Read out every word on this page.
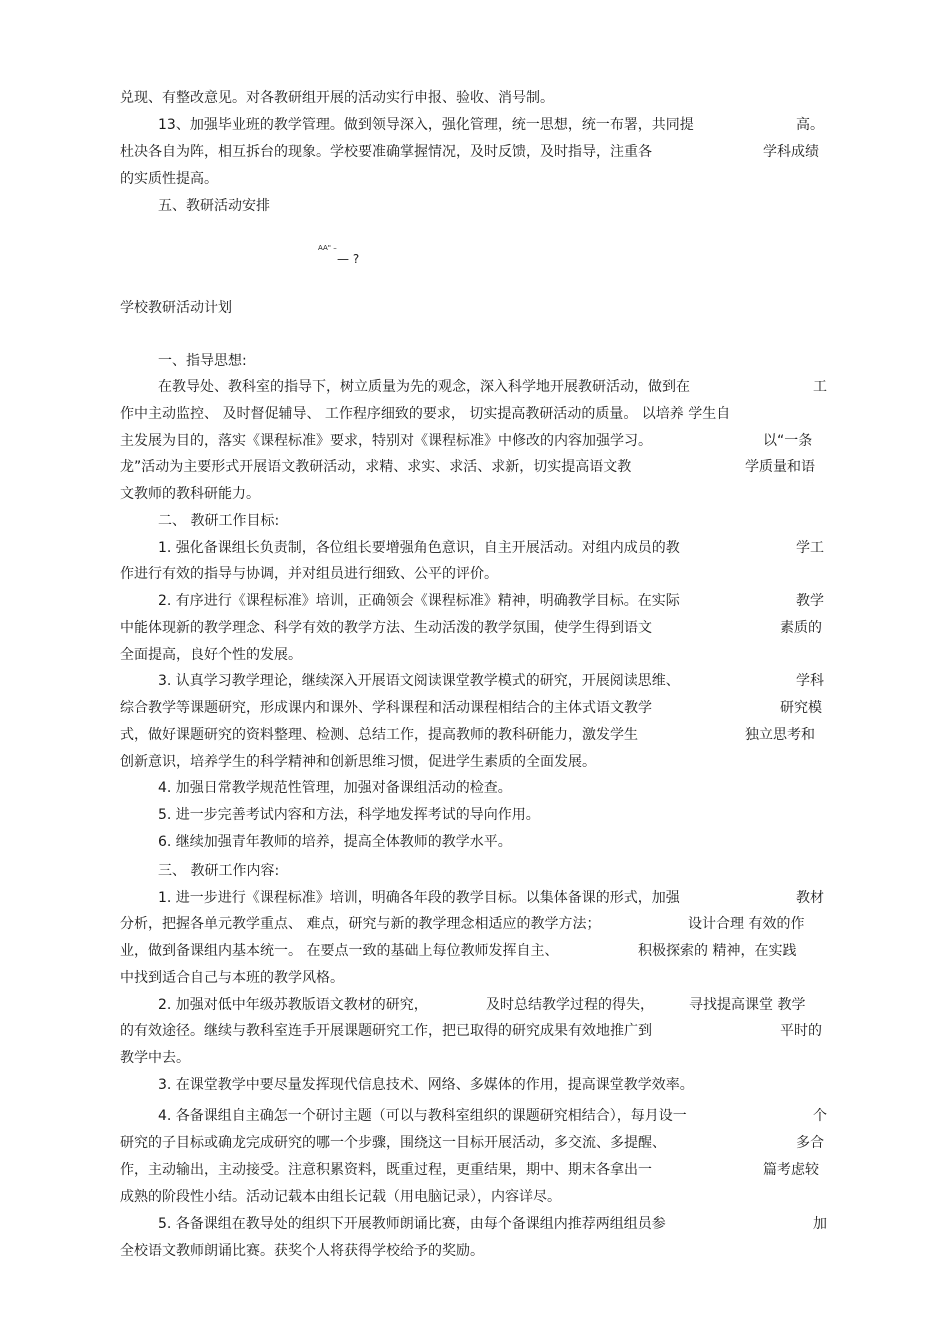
兑现、有整改意见。对各教研组开展的活动实行申报、验收、消号制。
13、加强毕业班的教学管理。做到领导深入，强化管理，统一思想，统一布署，共同提	高。
杜决各自为阵，相互拆台的现象。学校要准确掌握情况，及时反馈，及时指导，注重各	学科成绩
的实质性提高。
五、教研活动安排
AA" –
— ?
学校教研活动计划
一、指导思想:
在教导处、教科室的指导下，树立质量为先的观念，深入科学地开展教研活动，做到在	工
作中主动监控、 及时督促辅导、 工作程序细致的要求， 切实提高教研活动的质量。 以培养 学生自
主发展为目的，落实《课程标准》要求，特别对《课程标准》中修改的内容加强学习。	以“一条
龙”活动为主要形式开展语文教研活动，求精、求实、求活、求新，切实提高语文教	学质量和语
文教师的教科研能力。
二、 教研工作目标:
1. 强化备课组长负责制，各位组长要增强角色意识，自主开展活动。对组内成员的教	学工
作进行有效的指导与协调，并对组员进行细致、公平的评价。
2. 有序进行《课程标准》培训，正确领会《课程标准》精神，明确教学目标。在实际	教学
中能体现新的教学理念、科学有效的教学方法、生动活泼的教学氛围，使学生得到语文	素质的
全面提高，良好个性的发展。
3. 认真学习教学理论，继续深入开展语文阅读课堂教学模式的研究，开展阅读思维、	学科
综合教学等课题研究，形成课内和课外、学科课程和活动课程相结合的主体式语文教学	研究模
式，做好课题研究的资料整理、检测、总结工作，提高教师的教科研能力，激发学生	独立思考和
创新意识，培养学生的科学精神和创新思维习惯，促进学生素质的全面发展。
4. 加强日常教学规范性管理，加强对备课组活动的检查。
5. 进一步完善考试内容和方法，科学地发挥考试的导向作用。
6. 继续加强青年教师的培养，提高全体教师的教学水平。
三、 教研工作内容:
1. 进一步进行《课程标准》培训，明确各年段的教学目标。以集体备课的形式，加强	教材
分析，把握各单元教学重点、 难点，研究与新的教学理念相适应的教学方法；	设计合理 有效的作
业，做到备课组内基本统一。 在要点一致的基础上每位教师发挥自主、	积极探索的 精神，在实践
中找到适合自己与本班的教学风格。
2. 加强对低中年级苏教版语文教材的研究，	及时总结教学过程的得失，	寻找提高课堂 教学
的有效途径。继续与教科室连手开展课题研究工作，把已取得的研究成果有效地推广到	平时的
教学中去。
3. 在课堂教学中要尽量发挥现代信息技术、网络、多媒体的作用，提高课堂教学效率。
4. 各备课组自主确怎一个研讨主题（可以与教科室组织的课题研究相结合），每月设一	个
研究的子目标或确龙完成研究的哪一个步骤，围绕这一目标开展活动，多交流、多提醒、	多合
作，主动输出，主动接受。注意积累资料，既重过程，更重结果，期中、期末各拿出一	篇考虑较
成熟的阶段性小结。活动记载本由组长记载（用电脑记录），内容详尽。
5. 各备课组在教导处的组织下开展教师朗诵比赛，由每个备课组内推荐两组组员参	加
全校语文教师朗诵比赛。获奖个人将获得学校给予的奖励。
